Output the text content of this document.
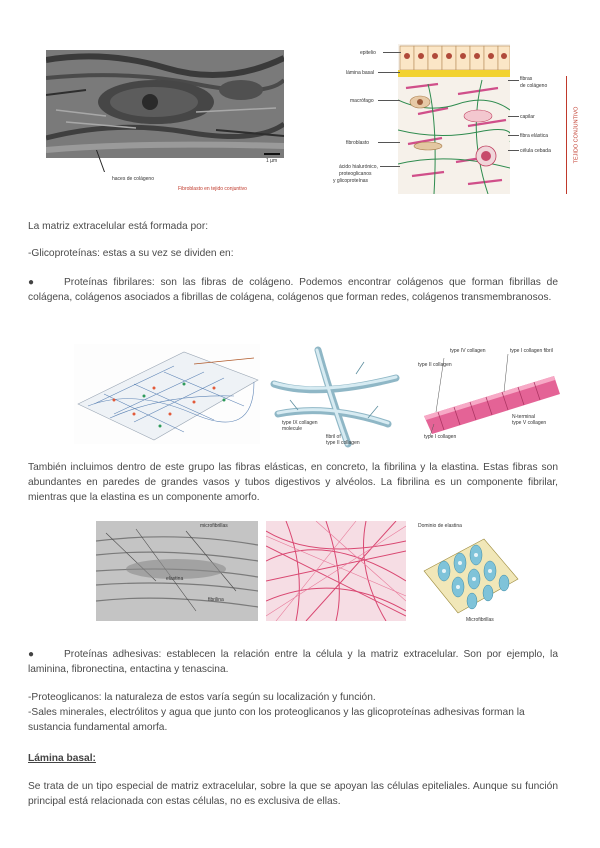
haces de colágeno
1 µm
Fibroblasto en tejido conjuntivo
TEJIDO CONJUNTIVO
epitelio
lámina basal
macrófago
fibroblasto
ácido hialurónico,
proteoglicanos
y glicoproteínas
fibras
de colágeno
capilar
fibra elástica
célula cebada
La matriz extracelular está formada por:
-Glicoproteínas: estas a su vez se dividen en:
●	Proteínas fibrilares: son las fibras de colágeno. Podemos encontrar colágenos que forman fibrillas de colágena, colágenos asociados a fibrillas de colágena, colágenos que forman redes, colágenos transmembranosos.
type IX collagen
molecule
fibril of
type II collagen
type IV collagen	type I collagen fibril
type II collagen
N-terminal
type V collagen
type I collagen
También incluimos dentro de este grupo las fibras elásticas, en concreto, la fibrilina y la elastina. Estas fibras son abundantes en paredes de grandes vasos y tubos digestivos y alvéolos. La fibrilina es un componente fibrilar, mientras que la elastina es un componente amorfo.
microfibrillas
elastina
fibrilina
Dominio de elastina
Microfibrillas
●	Proteínas adhesivas: establecen la relación entre la célula y la matriz extracelular. Son por ejemplo, la laminina, fibronectina, entactina y tenascina.
-Proteoglicanos: la naturaleza de estos varía según su localización y función.
-Sales minerales, electrólitos y agua que junto con los proteoglicanos y las glicoproteínas adhesivas forman la sustancia fundamental amorfa.
Lámina basal:
Se trata de un tipo especial de matriz extracelular, sobre la que se apoyan las células epiteliales. Aunque su función principal está relacionada con estas células, no es exclusiva de ellas.
